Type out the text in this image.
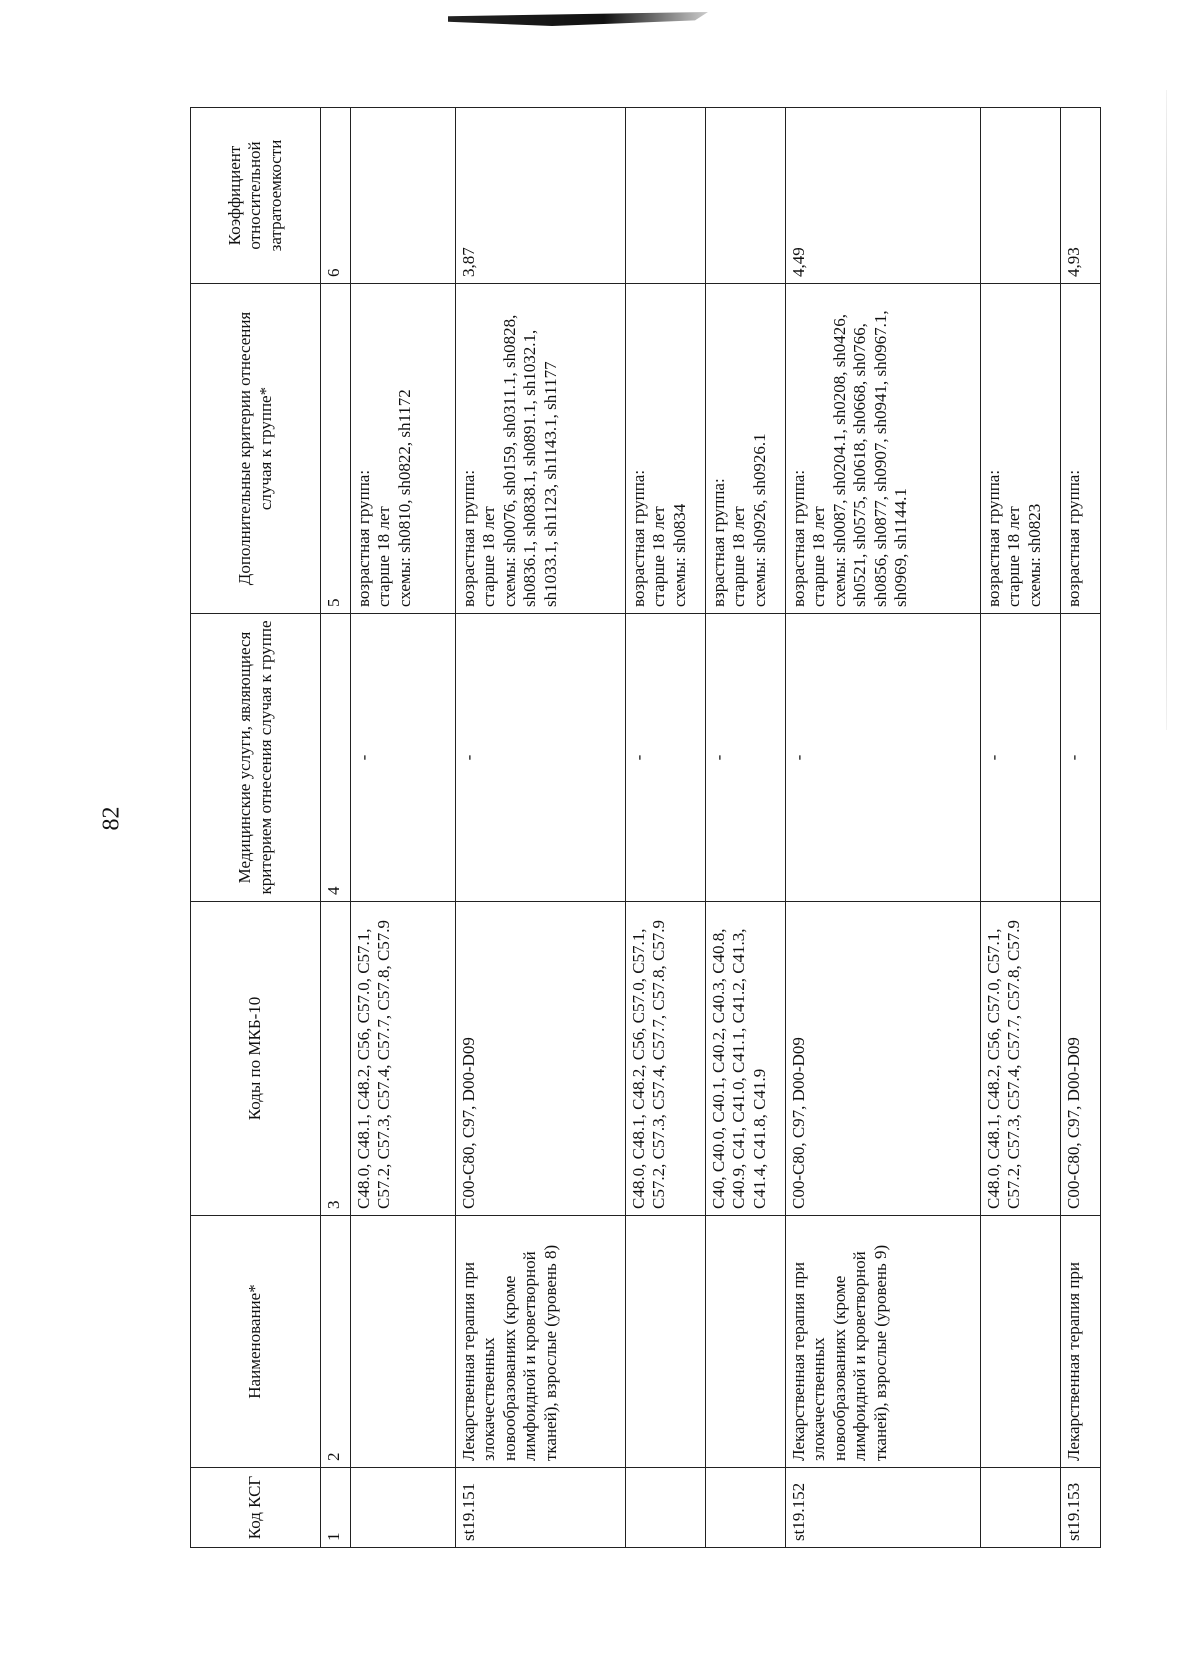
82
Код КСГ	Наименование*	Коды по МКБ-10	Медицинские услуги, являющиеся критерием отнесения случая к группе	Дополнительные критерии отнесения случая к группе*	Коэффициент относительной затратоемкости
1	2	3	4	5	6
		C48.0, C48.1, C48.2, C56, C57.0, C57.1, C57.2, C57.3, C57.4, C57.7, C57.8, C57.9	-	возрастная группа:
старше 18 лет
схемы: sh0810, sh0822, sh1172	
st19.151	Лекарственная терапия при злокачественных новообразованиях (кроме лимфоидной и кроветворной тканей), взрослые (уровень 8)	C00-C80, C97, D00-D09	-	возрастная группа:
старше 18 лет
схемы: sh0076, sh0159, sh0311.1, sh0828, sh0836.1, sh0838.1, sh0891.1, sh1032.1, sh1033.1, sh1123, sh1143.1, sh1177	3,87
		C48.0, C48.1, C48.2, C56, C57.0, C57.1, C57.2, C57.3, C57.4, C57.7, C57.8, C57.9	-	возрастная группа:
старше 18 лет
схемы: sh0834	
		C40, C40.0, C40.1, C40.2, C40.3, C40.8, C40.9, C41, C41.0, C41.1, C41.2, C41.3, C41.4, C41.8, C41.9	-	взрастная группа:
старше 18 лет
схемы: sh0926, sh0926.1	
st19.152	Лекарственная терапия при злокачественных новообразованиях (кроме лимфоидной и кроветворной тканей), взрослые (уровень 9)	C00-C80, C97, D00-D09	-	возрастная группа:
старше 18 лет
схемы: sh0087, sh0204.1, sh0208, sh0426, sh0521, sh0575, sh0618, sh0668, sh0766, sh0856, sh0877, sh0907, sh0941, sh0967.1, sh0969, sh1144.1	4,49
		C48.0, C48.1, C48.2, C56, C57.0, C57.1, C57.2, C57.3, C57.4, C57.7, C57.8, C57.9	-	возрастная группа:
старше 18 лет
схемы: sh0823	
st19.153	Лекарственная терапия при	C00-C80, C97, D00-D09	-	возрастная группа:	4,93
